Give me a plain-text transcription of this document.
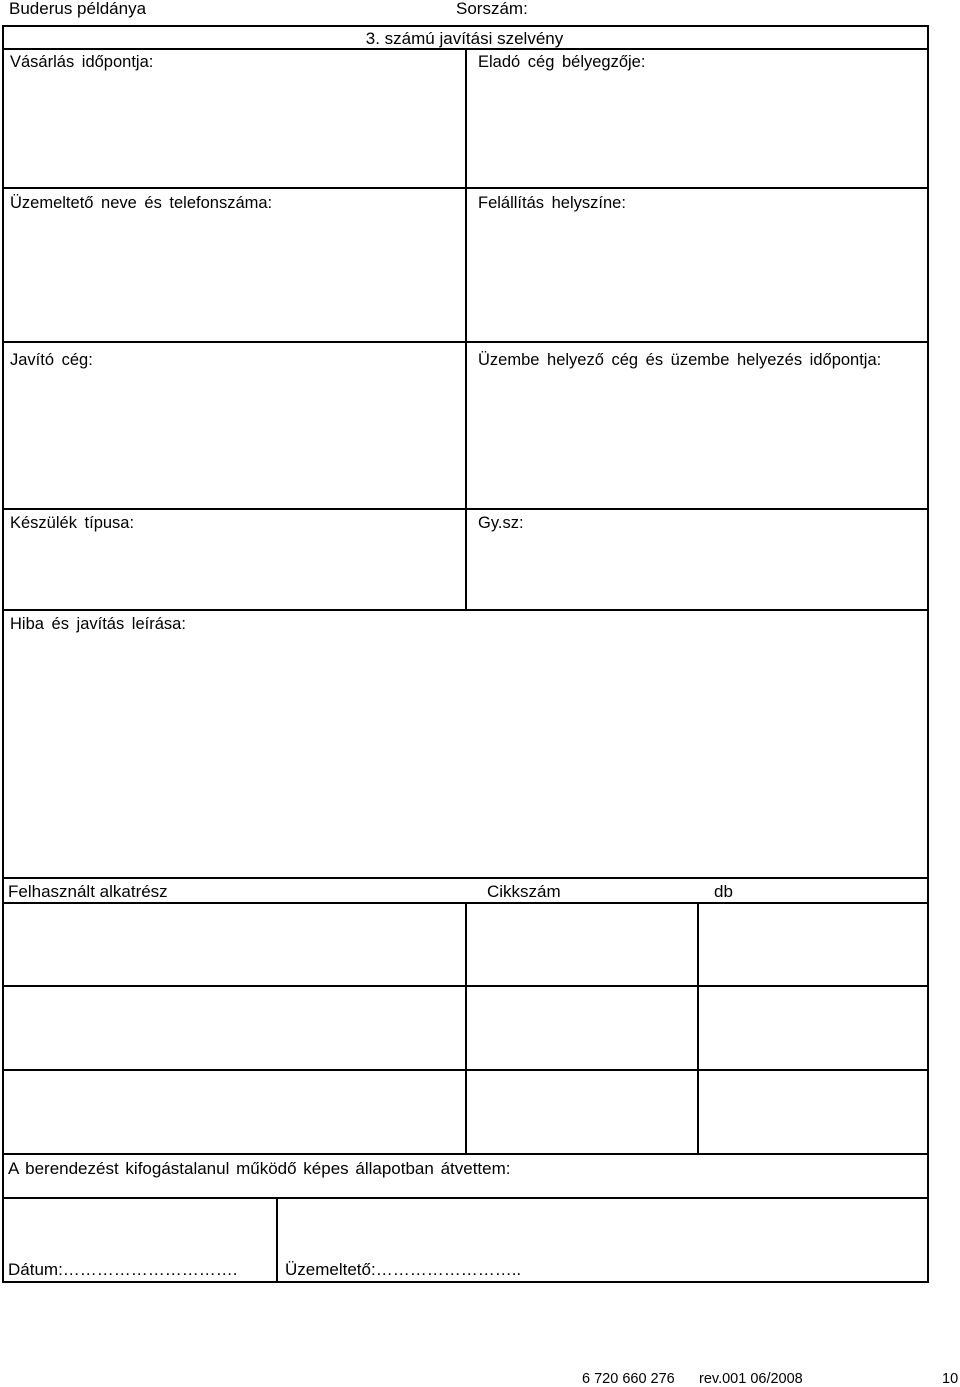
Buderus példánya	Sorszám:
3. számú javítási szelvény
Vásárlás időpontja:	Eladó cég bélyegzője:
Üzemeltető neve és telefonszáma:	Felállítás helyszíne:
Javító cég:	Üzembe helyező cég és üzembe helyezés időpontja:
Készülék típusa:	Gy.sz:
Hiba és javítás leírása:
Felhasznált alkatrész	Cikkszám	db
A berendezést kifogástalanul működő képes állapotban átvettem:
Dátum:………………………….	Üzemeltető:……………………..
6 720 660 276 rev.001 06/2008	10
